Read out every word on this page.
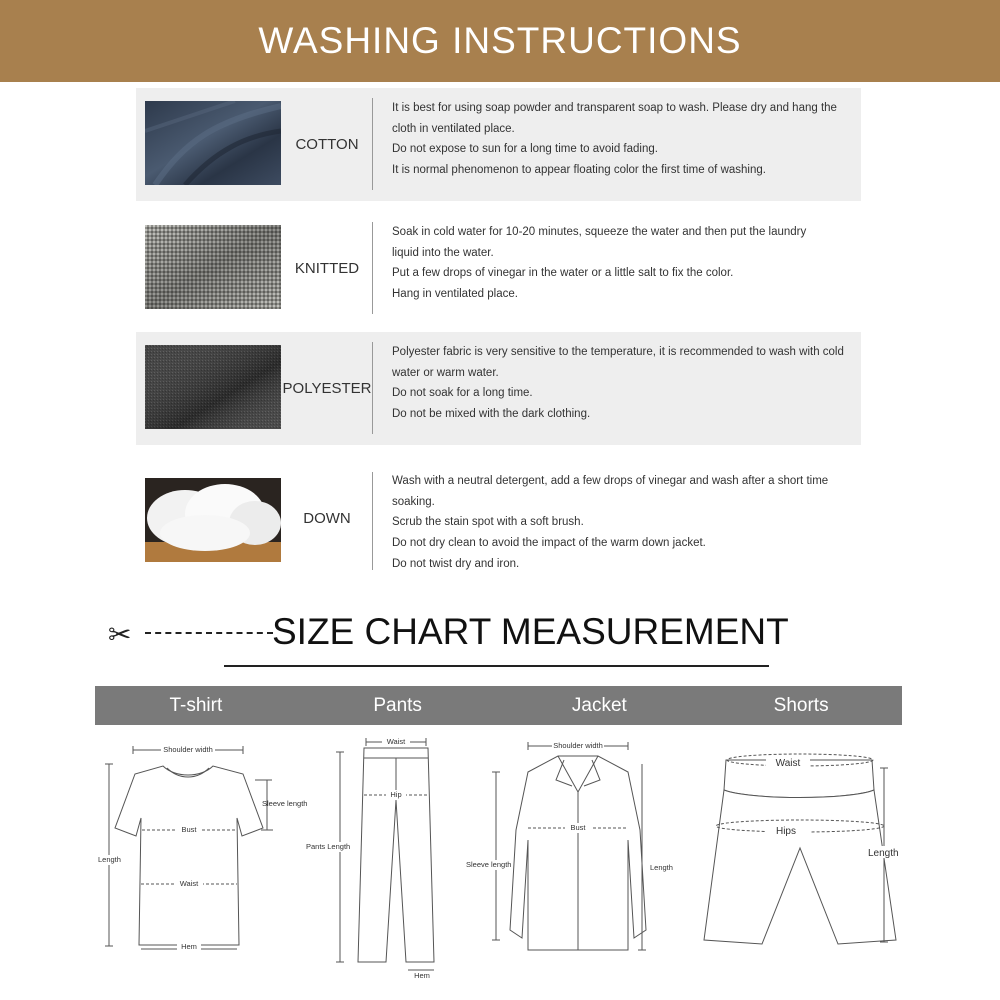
WASHING INSTRUCTIONS
COTTON

It is best for using soap powder and transparent soap to wash. Please dry and hang the

cloth in ventilated place.

Do not expose to sun for a long time to avoid fading.

It is normal phenomenon to appear floating color the first time of washing.

KNITTED

Soak in cold water for 10-20 minutes, squeeze the water and then put the laundry

liquid into the water.

Put a few drops of vinegar in the water or a little salt to fix the color.

Hang in ventilated place.

POLYESTER

Polyester fabric is very sensitive to the temperature, it is recommended to wash with cold

water or warm water.

Do not soak for a long time.

Do not be mixed with the dark clothing.

DOWN

Wash with a neutral detergent, add a few drops of vinegar and wash after a short time

soaking.

Scrub the stain spot with a soft brush.

Do not dry clean to avoid the impact of the warm down jacket.

Do not twist dry and iron.

✂	SIZE CHART MEASUREMENT
T-shirt	Pants	Jacket	Shorts
Shoulder width
Sleeve length
Bust
Length
Waist
Hem
Waist
Hip
Pants Length
Hem
Shoulder width
Bust
Sleeve length	Length
Waist
Hips
Length
